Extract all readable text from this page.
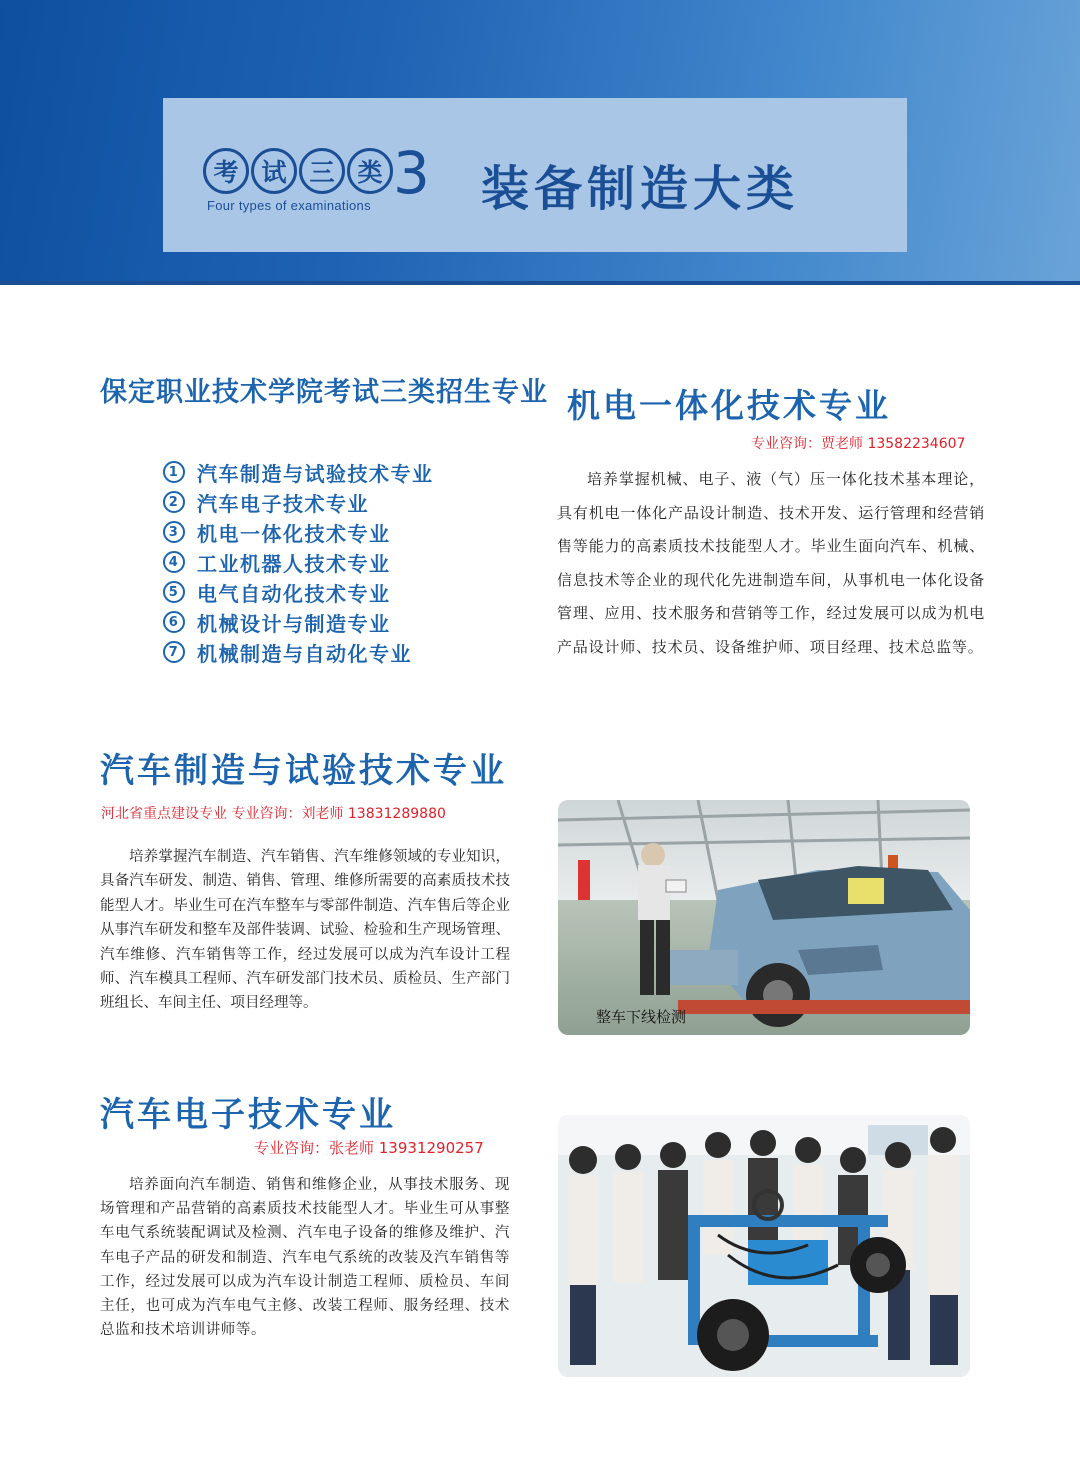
考 试 三 类 3
Four types of examinations 装备制造大类
保定职业技术学院考试三类招生专业
1 汽车制造与试验技术专业
2 汽车电子技术专业
3 机电一体化技术专业
4 工业机器人技术专业
5 电气自动化技术专业
6 机械设计与制造专业
7 机械制造与自动化专业
机电一体化技术专业
专业咨询：贾老师 13582234607

培养掌握机械、电子、液（气）压一体化技术基本理论，具有机电一体化产品设计制造、技术开发、运行管理和经营销售等能力的高素质技术技能型人才。毕业生面向汽车、机械、信息技术等企业的现代化先进制造车间，从事机电一体化设备管理、应用、技术服务和营销等工作，经过发展可以成为机电产品设计师、技术员、设备维护师、项目经理、技术总监等。

汽车制造与试验技术专业
河北省重点建设专业 专业咨询：刘老师 13831289880

培养掌握汽车制造、汽车销售、汽车维修领域的专业知识，具备汽车研发、制造、销售、管理、维修所需要的高素质技术技能型人才。毕业生可在汽车整车与零部件制造、汽车售后等企业从事汽车研发和整车及部件装调、试验、检验和生产现场管理、汽车维修、汽车销售等工作，经过发展可以成为汽车设计工程师、汽车模具工程师、汽车研发部门技术员、质检员、生产部门班组长、车间主任、项目经理等。

整车下线检测
汽车电子技术专业
专业咨询：张老师 13931290257

培养面向汽车制造、销售和维修企业，从事技术服务、现场管理和产品营销的高素质技术技能型人才。毕业生可从事整车电气系统装配调试及检测、汽车电子设备的维修及维护、汽车电子产品的研发和制造、汽车电气系统的改装及汽车销售等工作，经过发展可以成为汽车设计制造工程师、质检员、车间主任，也可成为汽车电气主修、改装工程师、服务经理、技术总监和技术培训讲师等。
